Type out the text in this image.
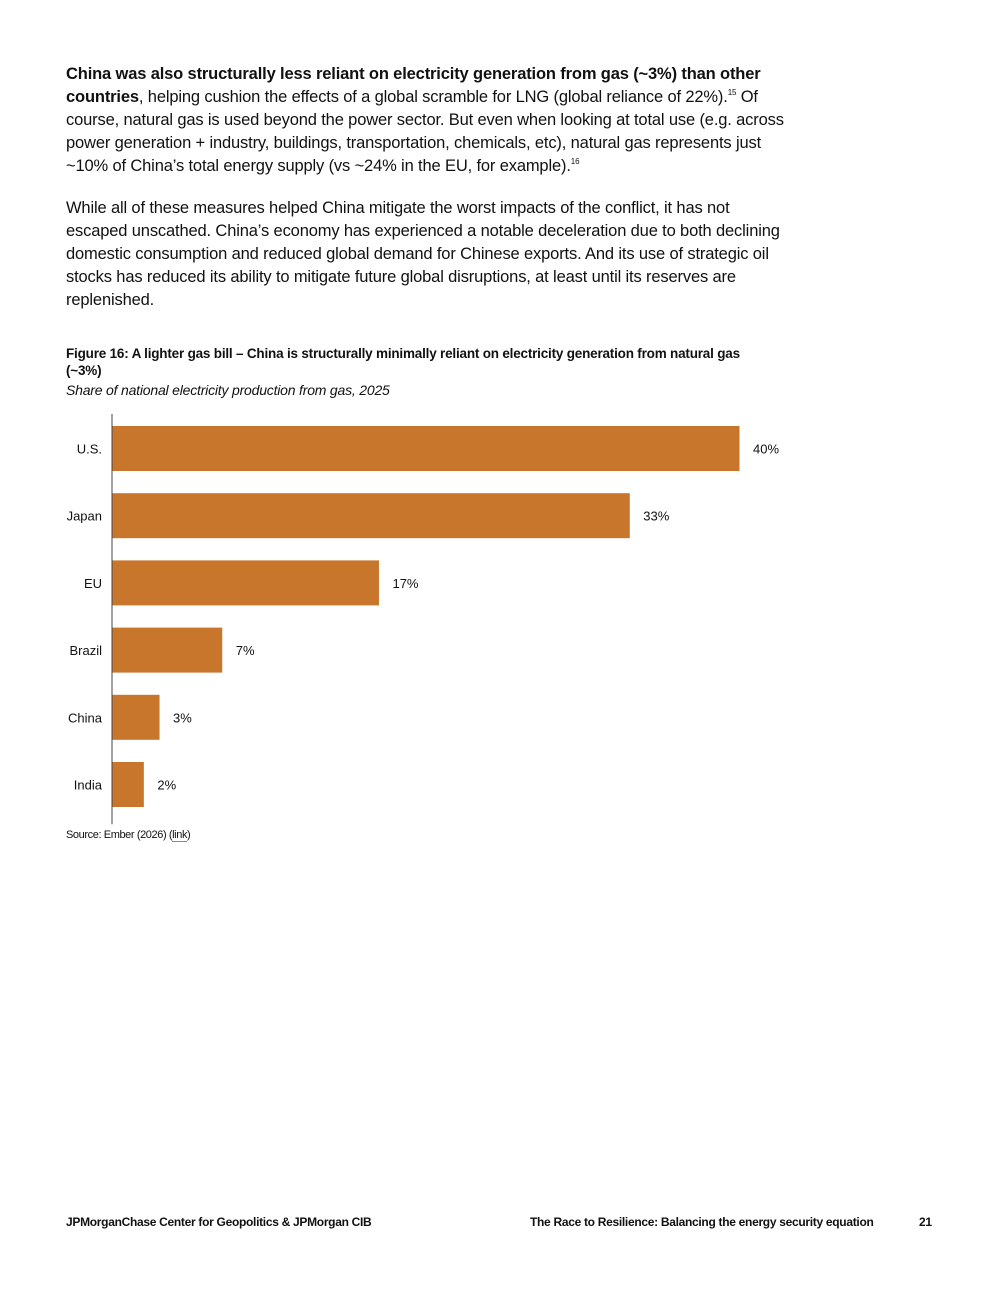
China was also structurally less reliant on electricity generation from gas (~3%) than other countries, helping cushion the effects of a global scramble for LNG (global reliance of 22%).$^{15}$ Of course, natural gas is used beyond the power sector. But even when looking at total use (e.g. across power generation + industry, buildings, transportation, chemicals, etc), natural gas represents just ~10% of China’s total energy supply (vs ~24% in the EU, for example).$^{16}$

While all of these measures helped China mitigate the worst impacts of the conflict, it has not escaped unscathed. China’s economy has experienced a notable deceleration due to both declining domestic consumption and reduced global demand for Chinese exports. And its use of strategic oil stocks has reduced its ability to mitigate future global disruptions, at least until its reserves are replenished.

Figure 16: A lighter gas bill – China is structurally minimally reliant on electricity generation from natural gas (~3%)

Share of national electricity production from gas, 2025

U.S.	40%
Japan	33%
EU	17%
Brazil	7%
China	3%
India	2%

Source: Ember (2026) (link)

JPMorganChase Center for Geopolitics & JPMorgan CIB	The Race to Resilience: Balancing the energy security equation	21
